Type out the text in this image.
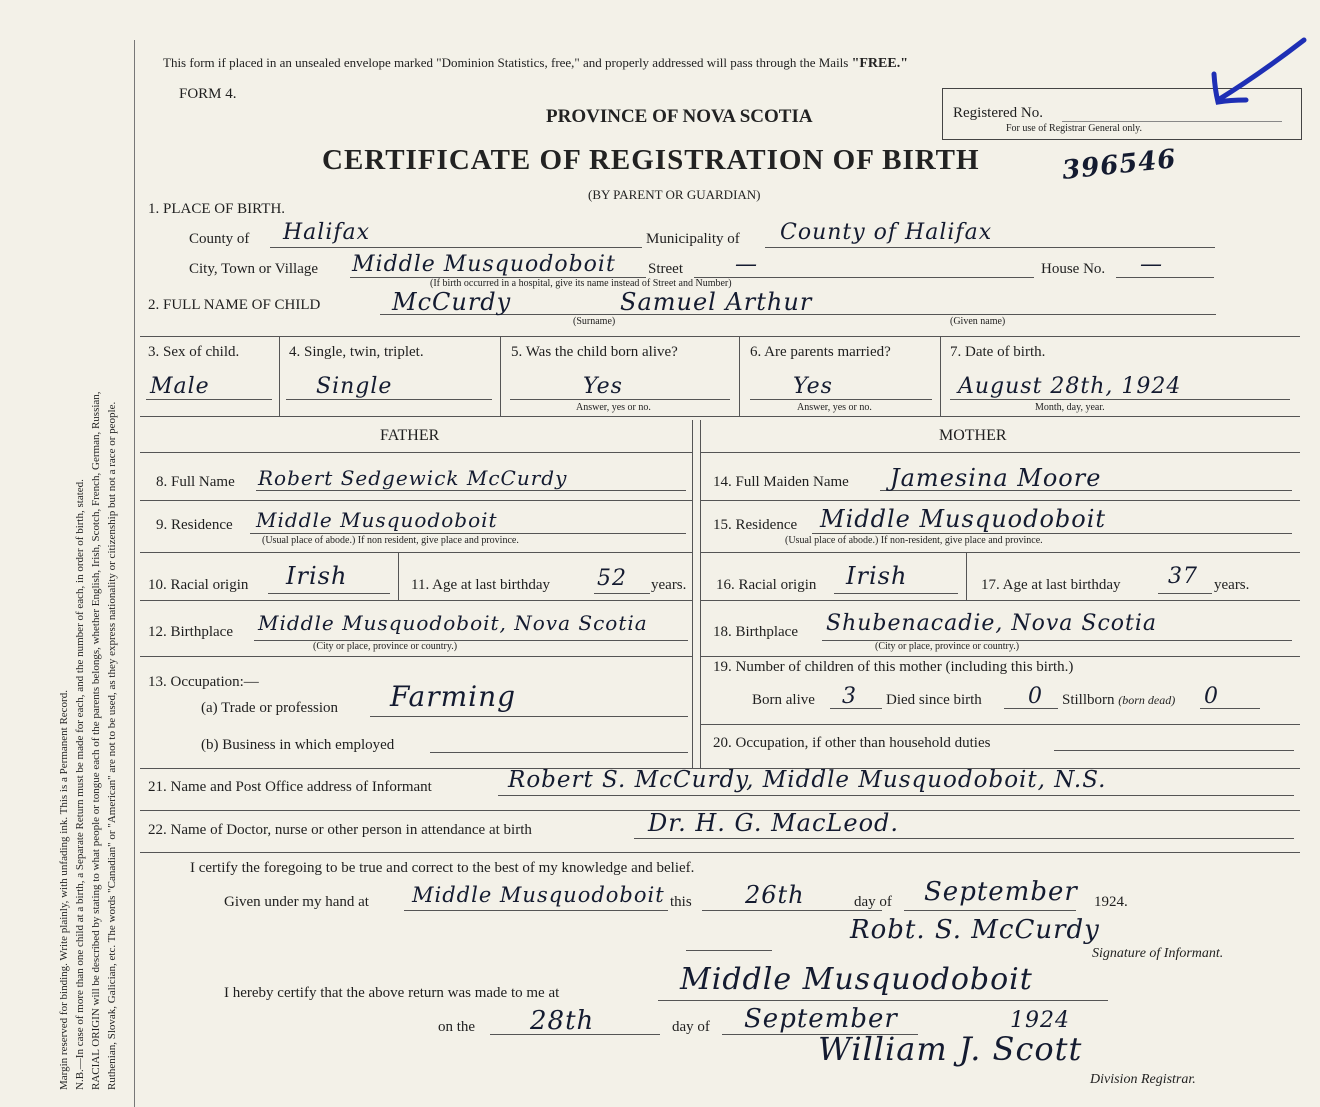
Margin reserved for binding. Write plainly, with unfading ink. This is a Permanent Record. N.B.—In case of more than one child at a birth, a Separate Return must be made for each, and the number of each, in order of birth, stated. RACIAL ORIGIN will be described by stating to what people or tongue each of the parents belongs, whether English, Irish, Scotch, French, German, Russian, Ruthenian, Slovak, Galician, etc. The words "Canadian" or "American" are not to be used, as they express nationality or citizenship but not a race or people.
This form if placed in an unsealed envelope marked "Dominion Statistics, free," and properly addressed will pass through the Mails "FREE."
FORM 4.
PROVINCE OF NOVA SCOTIA
CERTIFICATE OF REGISTRATION OF BIRTH
(BY PARENT OR GUARDIAN)
Registered No.
For use of Registrar General only.
396546
1. PLACE OF BIRTH.
County of Halifax	Municipality of County of Halifax
City, Town or Village Middle Musquodoboit Street —	House No. —
(If birth occurred in a hospital, give its name instead of Street and Number)
2. FULL NAME OF CHILD	McCurdy	Samuel Arthur
(Surname)	(Given name)
3. Sex of child.	4. Single, twin, triplet.	5. Was the child born alive?	6. Are parents married?	7. Date of birth.
Male	Single	Yes	Yes	August 28th, 1924
Answer, yes or no.	Answer, yes or no.	Month, day, year.
FATHER	MOTHER
8. Full Name Robert Sedgewick McCurdy	14. Full Maiden Name Jamesina Moore
9. Residence Middle Musquodoboit
(Usual place of abode.) If non resident, give place and province.
15. Residence Middle Musquodoboit
(Usual place of abode.) If non-resident, give place and province.
10. Racial origin Irish	11. Age at last birthday 52 years. 16. Racial origin Irish	17. Age at last birthday 37 years.
12. Birthplace Middle Musquodoboit, Nova Scotia
(City or place, province or country.)
18. Birthplace Shubenacadie, Nova Scotia
(City or place, province or country.)
13. Occupation:—
(a) Trade or profession Farming
(b) Business in which employed
19. Number of children of this mother (including this birth.)
Born alive 3 Died since birth 0 Stillborn (born dead) 0
20. Occupation, if other than household duties
21. Name and Post Office address of Informant	Robert S. McCurdy, Middle Musquodoboit, N.S.
22. Name of Doctor, nurse or other person in attendance at birth	Dr. H. G. MacLeod.
I certify the foregoing to be true and correct to the best of my knowledge and belief.
Given under my hand at Middle Musquodoboit this 26th	day of September 1924.
Robt. S. McCurdy
Signature of Informant.
I hereby certify that the above return was made to me at	Middle Musquodoboit
on the 28th	day of September	1924
William J. Scott
Division Registrar.
